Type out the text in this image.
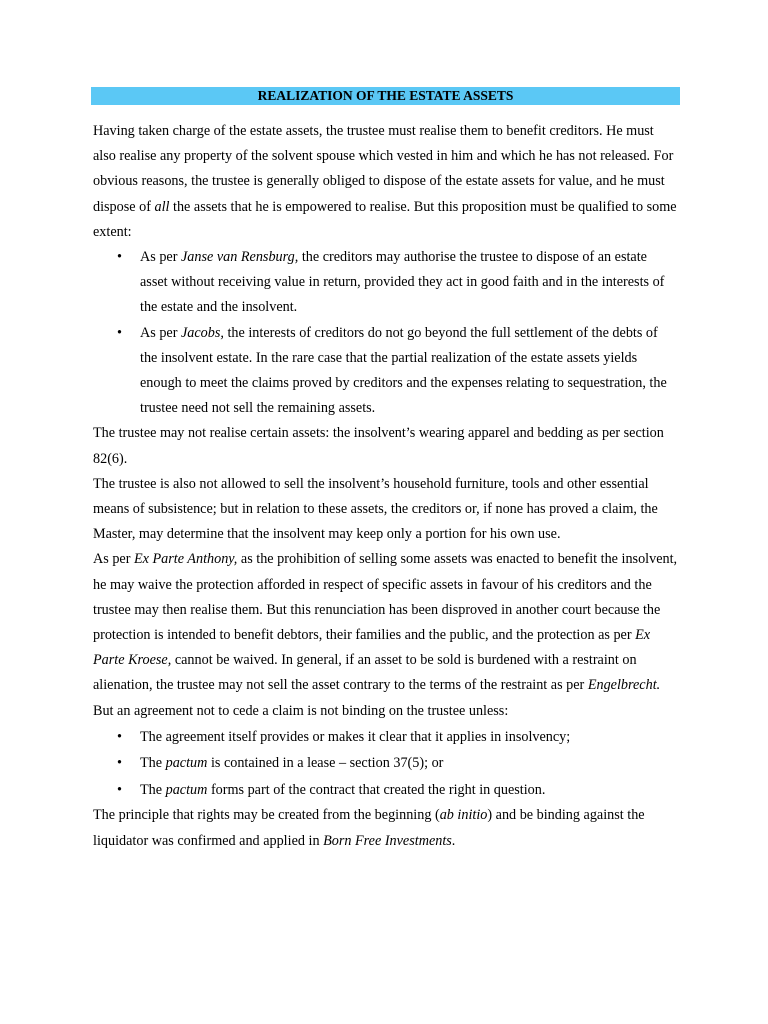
REALIZATION OF THE ESTATE ASSETS

Having taken charge of the estate assets, the trustee must realise them to benefit creditors. He must also realise any property of the solvent spouse which vested in him and which he has not released. For obvious reasons, the trustee is generally obliged to dispose of the estate assets for value, and he must dispose of all the assets that he is empowered to realise. But this proposition must be qualified to some extent:

• As per Janse van Rensburg, the creditors may authorise the trustee to dispose of an estate asset without receiving value in return, provided they act in good faith and in the interests of the estate and the insolvent.
• As per Jacobs, the interests of creditors do not go beyond the full settlement of the debts of the insolvent estate. In the rare case that the partial realization of the estate assets yields enough to meet the claims proved by creditors and the expenses relating to sequestration, the trustee need not sell the remaining assets.

The trustee may not realise certain assets: the insolvent’s wearing apparel and bedding as per section 82(6).

The trustee is also not allowed to sell the insolvent’s household furniture, tools and other essential means of subsistence; but in relation to these assets, the creditors or, if none has proved a claim, the Master, may determine that the insolvent may keep only a portion for his own use.

As per Ex Parte Anthony, as the prohibition of selling some assets was enacted to benefit the insolvent, he may waive the protection afforded in respect of specific assets in favour of his creditors and the trustee may then realise them. But this renunciation has been disproved in another court because the protection is intended to benefit debtors, their families and the public, and the protection as per Ex Parte Kroese, cannot be waived. In general, if an asset to be sold is burdened with a restraint on alienation, the trustee may not sell the asset contrary to the terms of the restraint as per Engelbrecht. But an agreement not to cede a claim is not binding on the trustee unless:

• The agreement itself provides or makes it clear that it applies in insolvency;
• The pactum is contained in a lease – section 37(5); or
• The pactum forms part of the contract that created the right in question.

The principle that rights may be created from the beginning (ab initio) and be binding against the liquidator was confirmed and applied in Born Free Investments.
